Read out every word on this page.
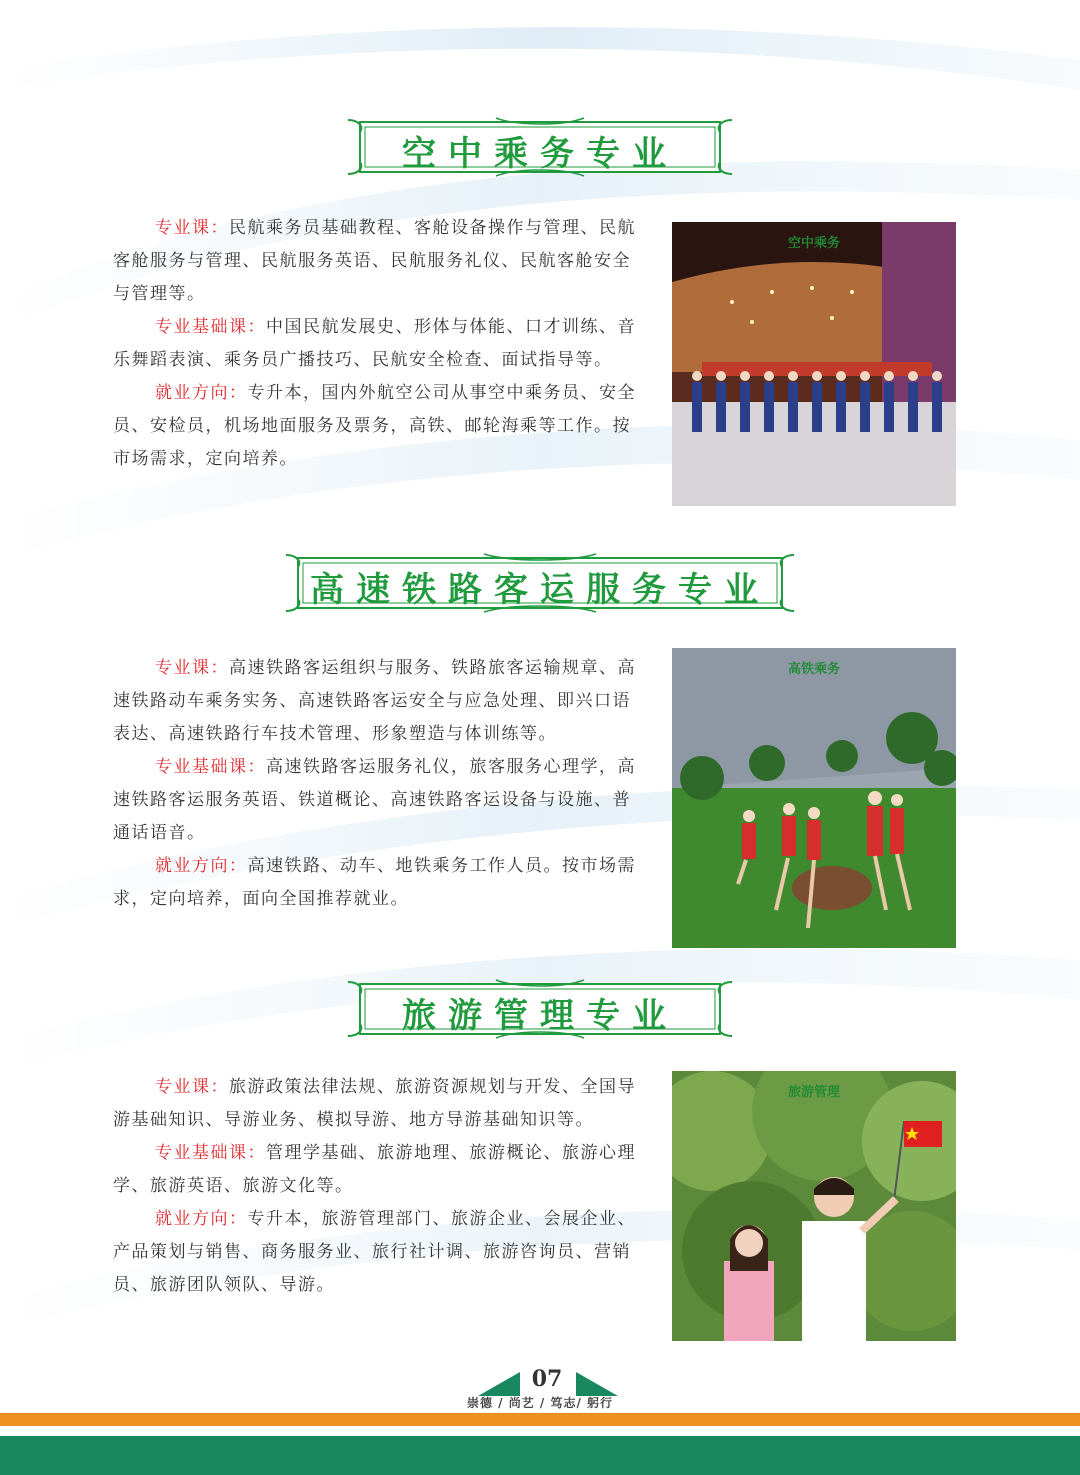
空中乘务专业

专业课：民航乘务员基础教程、客舱设备操作与管理、民航客舱服务与管理、民航服务英语、民航服务礼仪、民航客舱安全与管理等。

专业基础课：中国民航发展史、形体与体能、口才训练、音乐舞蹈表演、乘务员广播技巧、民航安全检查、面试指导等。

就业方向：专升本，国内外航空公司从事空中乘务员、安全员、安检员，机场地面服务及票务，高铁、邮轮海乘等工作。按市场需求，定向培养。

空中乘务
高速铁路客运服务专业

专业课：高速铁路客运组织与服务、铁路旅客运输规章、高速铁路动车乘务实务、高速铁路客运安全与应急处理、即兴口语表达、高速铁路行车技术管理、形象塑造与体训练等。

专业基础课：高速铁路客运服务礼仪，旅客服务心理学，高速铁路客运服务英语、铁道概论、高速铁路客运设备与设施、普通话语音。

就业方向：高速铁路、动车、地铁乘务工作人员。按市场需求，定向培养，面向全国推荐就业。

高铁乘务
旅游管理专业

专业课：旅游政策法律法规、旅游资源规划与开发、全国导游基础知识、导游业务、模拟导游、地方导游基础知识等。

专业基础课：管理学基础、旅游地理、旅游概论、旅游心理学、旅游英语、旅游文化等。

就业方向：专升本，旅游管理部门、旅游企业、会展企业、产品策划与销售、商务服务业、旅行社计调、旅游咨询员、营销员、旅游团队领队、导游。

旅游管理
07
崇德 / 尚艺 / 笃志/ 躬行
